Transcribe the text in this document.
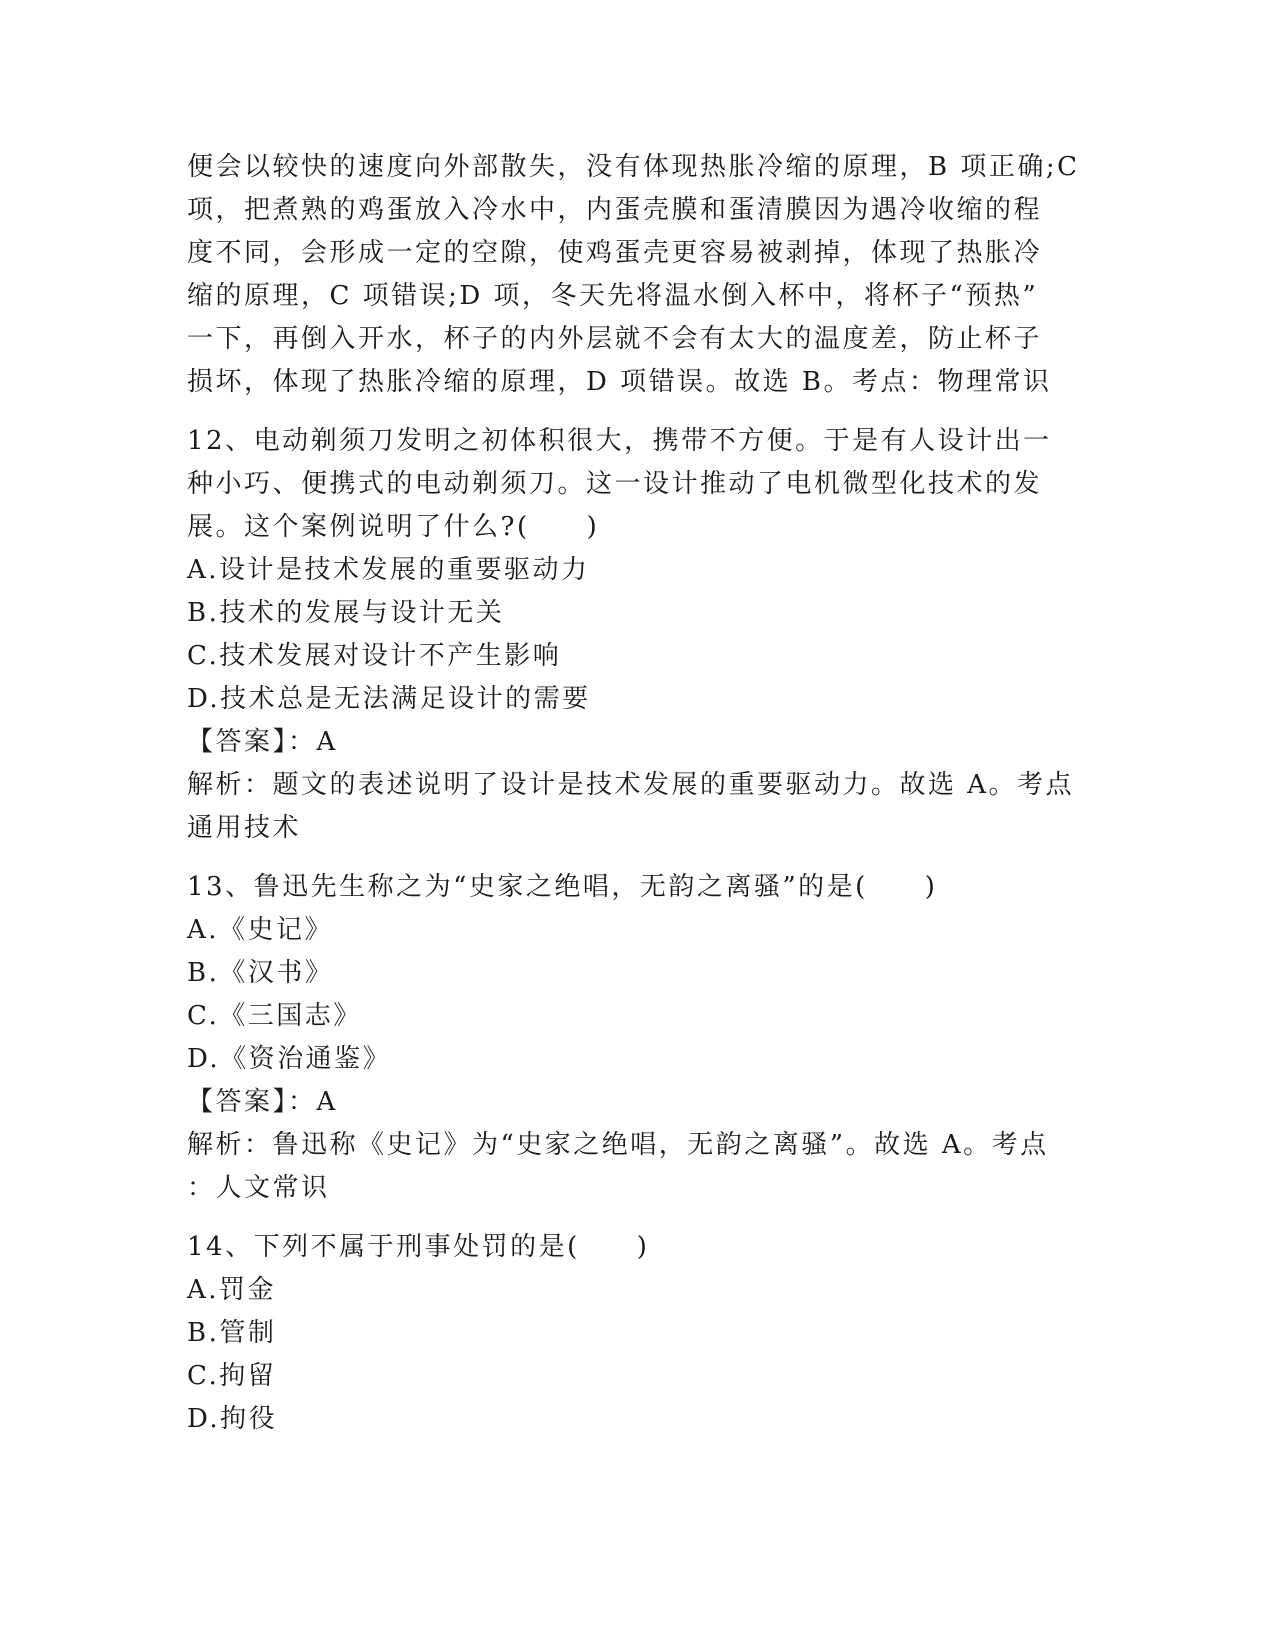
便会以较快的速度向外部散失，没有体现热胀冷缩的原理，B 项正确;C
项，把煮熟的鸡蛋放入冷水中，内蛋壳膜和蛋清膜因为遇冷收缩的程
度不同，会形成一定的空隙，使鸡蛋壳更容易被剥掉，体现了热胀冷
缩的原理，C 项错误;D 项，冬天先将温水倒入杯中，将杯子“预热”
一下，再倒入开水，杯子的内外层就不会有太大的温度差，防止杯子
损坏，体现了热胀冷缩的原理，D 项错误。故选 B。考点：物理常识
12、电动剃须刀发明之初体积很大，携带不方便。于是有人设计出一
种小巧、便携式的电动剃须刀。这一设计推动了电机微型化技术的发
展。这个案例说明了什么?(　　)
A.设计是技术发展的重要驱动力
B.技术的发展与设计无关
C.技术发展对设计不产生影响
D.技术总是无法满足设计的需要
【答案】：A
解析：题文的表述说明了设计是技术发展的重要驱动力。故选 A。考点
通用技术
13、鲁迅先生称之为“史家之绝唱，无韵之离骚”的是(　　)
A.《史记》
B.《汉书》
C.《三国志》
D.《资治通鉴》
【答案】：A
解析：鲁迅称《史记》为“史家之绝唱，无韵之离骚”。故选 A。考点
：人文常识
14、下列不属于刑事处罚的是(　　)
A.罚金
B.管制
C.拘留
D.拘役
